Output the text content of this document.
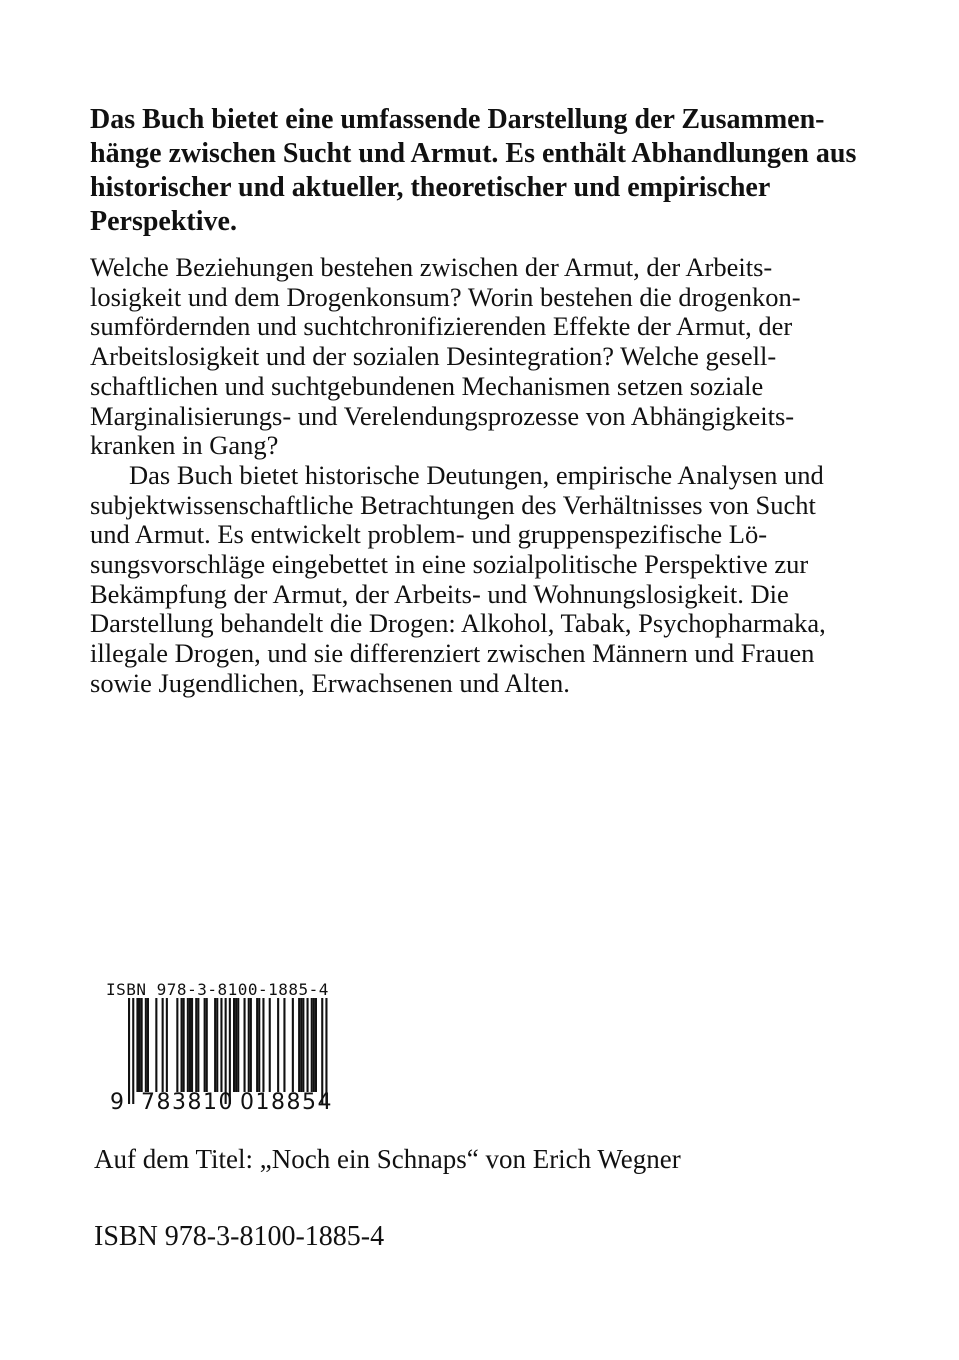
Das Buch bietet eine umfassende Darstellung der Zusammen-
hänge zwischen Sucht und Armut. Es enthält Abhandlungen aus
historischer und aktueller, theoretischer und empirischer
Perspektive.

Welche Beziehungen bestehen zwischen der Armut, der Arbeits-
losigkeit und dem Drogenkonsum? Worin bestehen die drogenkon-
sumfördernden und suchtchronifizierenden Effekte der Armut, der
Arbeitslosigkeit und der sozialen Desintegration? Welche gesell-
schaftlichen und suchtgebundenen Mechanismen setzen soziale
Marginalisierungs- und Verelendungsprozesse von Abhängigkeits-
kranken in Gang?
Das Buch bietet historische Deutungen, empirische Analysen und
subjektwissenschaftliche Betrachtungen des Verhältnisses von Sucht
und Armut. Es entwickelt problem- und gruppenspezifische Lö-
sungsvorschläge eingebettet in eine sozialpolitische Perspektive zur
Bekämpfung der Armut, der Arbeits- und Wohnungslosigkeit. Die
Darstellung behandelt die Drogen: Alkohol, Tabak, Psychopharmaka,
illegale Drogen, und sie differenziert zwischen Männern und Frauen
sowie Jugendlichen, Erwachsenen und Alten.
ISBN 978-3-8100-1885-4
9 783810 018854
Auf dem Titel: „Noch ein Schnaps“ von Erich Wegner
ISBN 978-3-8100-1885-4
